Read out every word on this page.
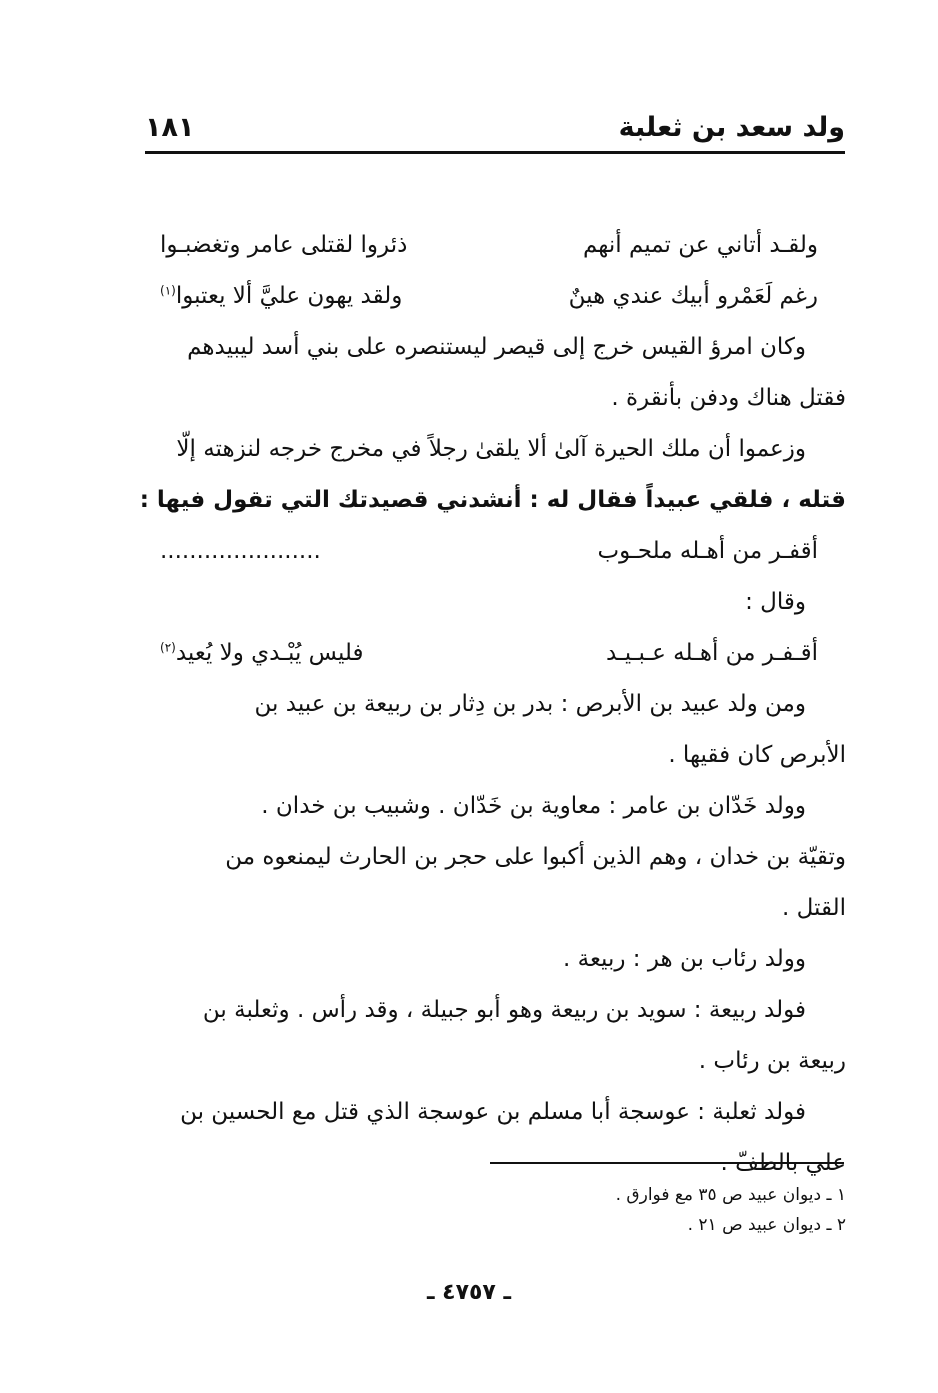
ولد سعد بن ثعلبة
١٨١
ولقـد أتاني عن تميم أنهم
ذئروا لقتلى عامر وتغضبـوا
رغم لَعَمْرو أبيك عندي هينٌ
ولقد يهون عليَّ ألا يعتبوا$^{(١)}$
وكان امرؤ القيس خرج إلى قيصر ليستنصره على بني أسد ليبيدهم
فقتل هناك ودفن بأنقرة .
وزعموا أن ملك الحيرة آلىٰ ألا يلقىٰ رجلاً في مخرج خرجه لنزهته إلّا
قتله ، فلقي عبيداً فقال له : أنشدني قصيدتك التي تقول فيها :
أقفـر من أهـله ملحـوب
......................
وقال :
أقـفـر من أهـله عـبـيـد
فليس يُبْـدي ولا يُعيد$^{(٢)}$
ومن ولد عبيد بن الأبرص : بدر بن دِثار بن ربيعة بن عبيد بن
الأبرص كان فقيها .
وولد خَدّان بن عامر : معاوية بن خَدّان . وشبيب بن خدان .
وتقيّة بن خدان ، وهم الذين أكبوا على حجر بن الحارث ليمنعوه من
القتل .
وولد رئاب بن هر : ربيعة .
فولد ربيعة : سويد بن ربيعة وهو أبو جبيلة ، وقد رأس . وثعلبة بن
ربيعة بن رئاب .
فولد ثعلبة : عوسجة أبا مسلم بن عوسجة الذي قتل مع الحسين بن
علي بالطفّ .
١ ـ ديوان عبيد ص ٣٥ مع فوارق .
٢ ـ ديوان عبيد ص ٢١ .
ـ ٤٧٥٧ ـ
